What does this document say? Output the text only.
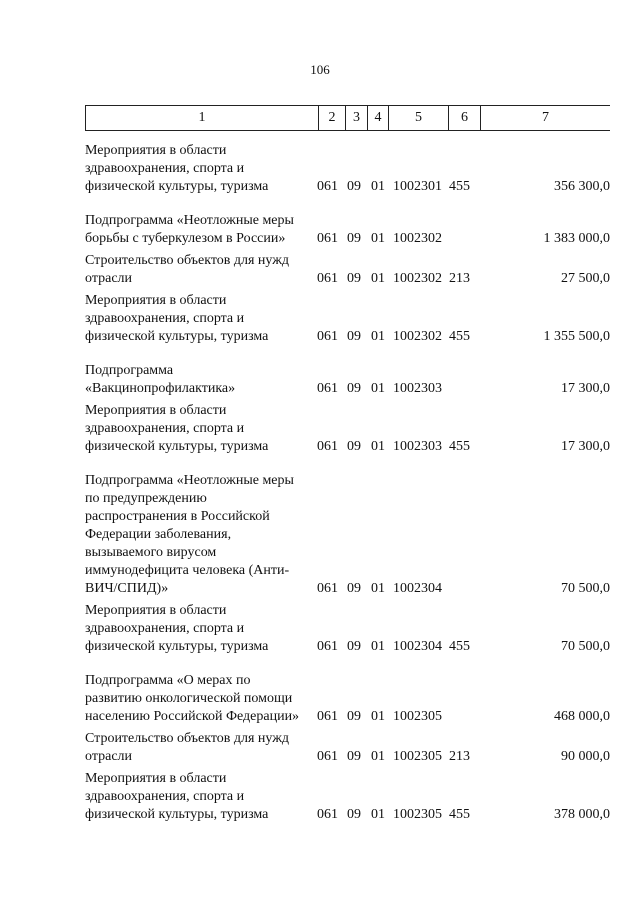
106
1	2	3	4	5	6	7
Мероприятия в области здравоохранения, спорта и физической культуры, туризма	061	09	01	1002301	455	356 300,0

Подпрограмма «Неотложные меры борьбы с туберкулезом в России»	061	09	01	1002302		1 383 000,0

Строительство объектов для нужд отрасли	061	09	01	1002302	213	27 500,0

Мероприятия в области здравоохранения, спорта и физической культуры, туризма	061	09	01	1002302	455	1 355 500,0

Подпрограмма «Вакцинопрофилактика»	061	09	01	1002303		17 300,0

Мероприятия в области здравоохранения, спорта и физической культуры, туризма	061	09	01	1002303	455	17 300,0

Подпрограмма «Неотложные меры по предупреждению распространения в Российской Федерации заболевания, вызываемого вирусом иммунодефицита человека (Анти-ВИЧ/СПИД)»	061	09	01	1002304		70 500,0

Мероприятия в области здравоохранения, спорта и физической культуры, туризма	061	09	01	1002304	455	70 500,0

Подпрограмма «О мерах по развитию онкологической помощи населению Российской Федерации»	061	09	01	1002305		468 000,0

Строительство объектов для нужд отрасли	061	09	01	1002305	213	90 000,0

Мероприятия в области здравоохранения, спорта и физической культуры, туризма	061	09	01	1002305	455	378 000,0
